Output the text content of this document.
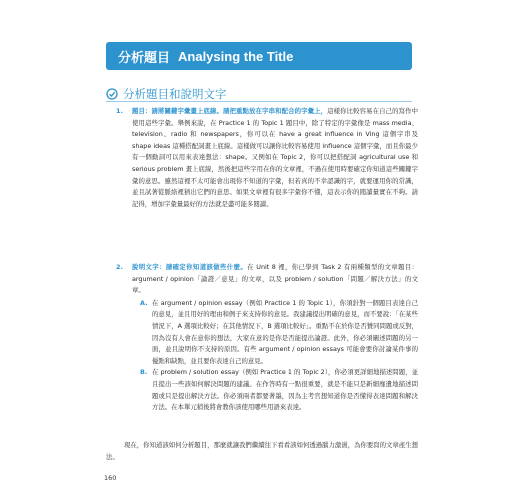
分析題目 Analysing the Title
分析題目和說明文字
1. 題目：請將關鍵字彙畫上底線。請把重點放在字串和配合的字彙上，這樣你比較容易在自己的寫作中使用這些字彙。舉例來說，在 Practice 1 的 Topic 1 題目中，除了特定的字彙像是 mass media、television、radio 和 newspapers，你可以在 have a great influence in Ving 這個字串及 shape ideas 這種搭配詞畫上底線。這樣做可以讓你比較容易使用 influence 這個字彙，而且你最少有一個動詞可以用來表達想法：shape。又例如在 Topic 2，你可以把搭配詞 agricultural use 和 serious problem 畫上底線，然後把這些字用在你的文章裡，不過在使用時要確定你知道這些關鍵字彙的意思。雖然這裡不太可能會出現你不知道的字彙，但若真的不幸認識的字，就要運用你的常識，並且試著從脈絡裡猜出它們的意思。如果文章裡有很多字彙你不懂，這表示你的閱讀量實在不夠。請記得，增加字彙量最好的方法就是盡可能多閱讀。
2. 說明文字：請確定你知道該做些什麼。在 Unit 8 裡，你已學到 Task 2 有兩種類型的文章題目：argument / opinion「論證／意見」的文章，以及 problem / solution「問題／解決方法」的文章。
A. 在 argument / opinion essay（例如 Practice 1 的 Topic 1），你須針對一個題目表達自己的意見，並且用好的理由和例子來支持你的意見。我建議提出明確的意見，而不要說：「在某些情況下，A 選項比較好；在其他情況下，B 選項比較好」。重點不在於你是否贊同問題或反對，因為沒有人會在意你的想法，大家在意的是你是否能提出論證。此外，你必須闡述問題的另一面，並且說明你不支持的原因。有些 argument / opinion essays 可能會要你討論某件事的優點和缺點，並且要你表達自己的意見。
B. 在 problem / solution essay（例如 Practice 1 的 Topic 2），你必須更詳細地描述問題，並且提出一些該如何解決問題的建議。在作答時有一點很重要，就是不能只是新細靡遺地描述問題或只是提出解決方法。你必須兩者都要著墨，因為主考官想知道你是否懂得表達問題和解決方法。在本單元稍後將會教你該使用哪些用語來表達。
現在，你知道該如何分析題目，那麼就讓我們繼續往下看看該如何透過腦力激盪，為你要寫的文章產生想法。
160
